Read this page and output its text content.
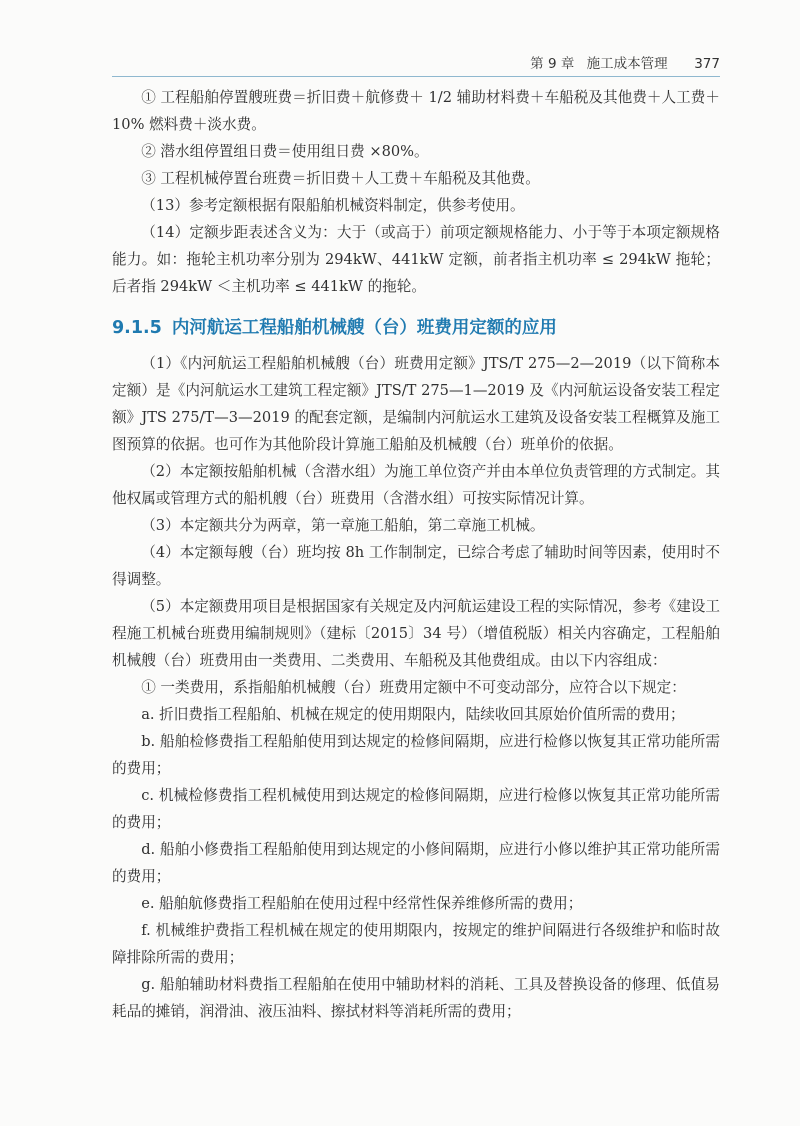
第 9 章 施工成本管理 377

① 工程船舶停置艘班费＝折旧费＋航修费＋ 1/2 辅助材料费＋车船税及其他费＋人工费＋ 10% 燃料费＋淡水费。

② 潜水组停置组日费＝使用组日费 ×80%。

③ 工程机械停置台班费＝折旧费＋人工费＋车船税及其他费。

（13）参考定额根据有限船舶机械资料制定，供参考使用。

（14）定额步距表述含义为：大于（或高于）前项定额规格能力、小于等于本项定额规格能力。如：拖轮主机功率分别为 294kW、441kW 定额，前者指主机功率 ≤ 294kW 拖轮；后者指 294kW ＜主机功率 ≤ 441kW 的拖轮。

9.1.5 内河航运工程船舶机械艘（台）班费用定额的应用

（1）《内河航运工程船舶机械艘（台）班费用定额》JTS/T 275—2—2019（以下简称本定额）是《内河航运水工建筑工程定额》JTS/T 275—1—2019 及《内河航运设备安装工程定额》JTS 275/T—3—2019 的配套定额，是编制内河航运水工建筑及设备安装工程概算及施工图预算的依据。也可作为其他阶段计算施工船舶及机械艘（台）班单价的依据。

（2）本定额按船舶机械（含潜水组）为施工单位资产并由本单位负责管理的方式制定。其他权属或管理方式的船机艘（台）班费用（含潜水组）可按实际情况计算。

（3）本定额共分为两章，第一章施工船舶，第二章施工机械。

（4）本定额每艘（台）班均按 8h 工作制制定，已综合考虑了辅助时间等因素，使用时不得调整。

（5）本定额费用项目是根据国家有关规定及内河航运建设工程的实际情况，参考《建设工程施工机械台班费用编制规则》（建标〔2015〕34 号）（增值税版）相关内容确定，工程船舶机械艘（台）班费用由一类费用、二类费用、车船税及其他费组成。由以下内容组成：

① 一类费用，系指船舶机械艘（台）班费用定额中不可变动部分，应符合以下规定：

a. 折旧费指工程船舶、机械在规定的使用期限内，陆续收回其原始价值所需的费用；

b. 船舶检修费指工程船舶使用到达规定的检修间隔期，应进行检修以恢复其正常功能所需的费用；

c. 机械检修费指工程机械使用到达规定的检修间隔期，应进行检修以恢复其正常功能所需的费用；

d. 船舶小修费指工程船舶使用到达规定的小修间隔期，应进行小修以维护其正常功能所需的费用；

e. 船舶航修费指工程船舶在使用过程中经常性保养维修所需的费用；

f. 机械维护费指工程机械在规定的使用期限内，按规定的维护间隔进行各级维护和临时故障排除所需的费用；

g. 船舶辅助材料费指工程船舶在使用中辅助材料的消耗、工具及替换设备的修理、低值易耗品的摊销，润滑油、液压油料、擦拭材料等消耗所需的费用；
